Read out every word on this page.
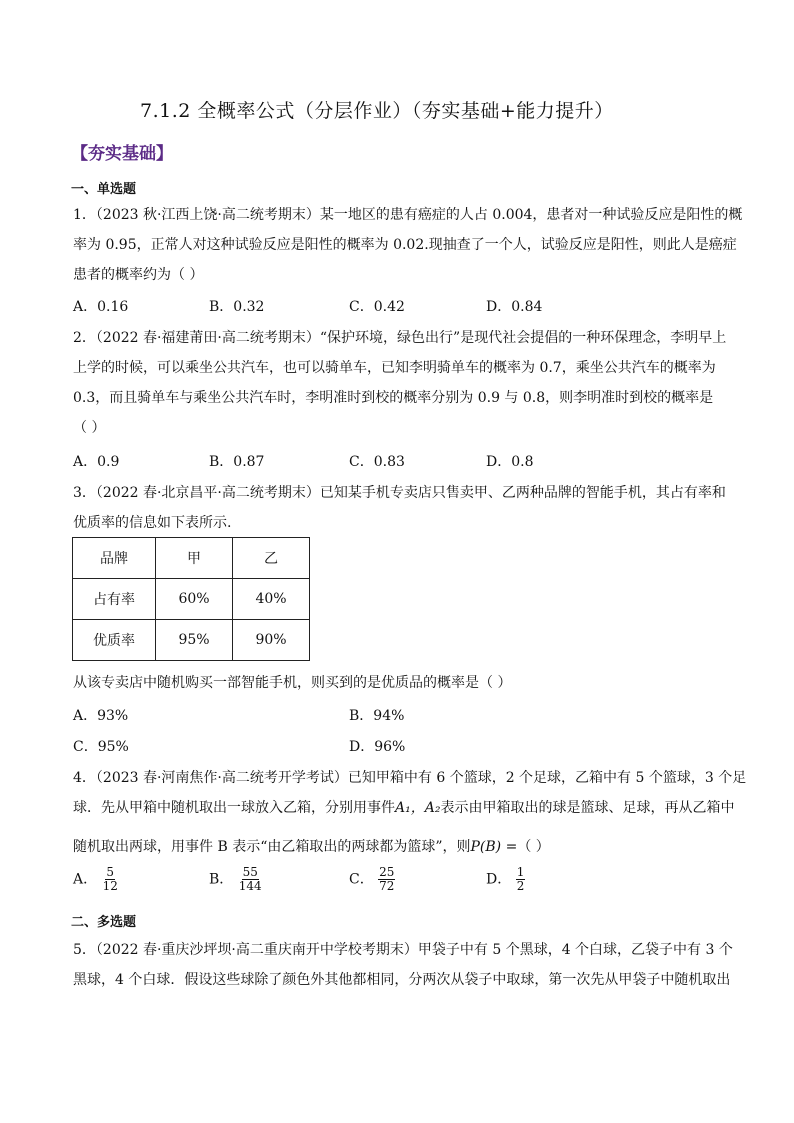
7.1.2 全概率公式（分层作业）（夯实基础+能力提升）
【夯实基础】
一、单选题
1．（2023 秋·江西上饶·高二统考期末）某一地区的患有癌症的人占 0.004，患者对一种试验反应是阳性的概
率为 0.95，正常人对这种试验反应是阳性的概率为 0.02.现抽查了一个人，试验反应是阳性，则此人是癌症
患者的概率约为（ ）
A．0.16	B．0.32	C．0.42	D．0.84
2．（2022 春·福建莆田·高二统考期末）“保护环境，绿色出行”是现代社会提倡的一种环保理念，李明早上
上学的时候，可以乘坐公共汽车，也可以骑单车，已知李明骑单车的概率为 0.7，乘坐公共汽车的概率为
0.3，而且骑单车与乘坐公共汽车时，李明准时到校的概率分别为 0.9 与 0.8，则李明准时到校的概率是
（ ）
A．0.9	B．0.87	C．0.83	D．0.8
3．（2022 春·北京昌平·高二统考期末）已知某手机专卖店只售卖甲、乙两种品牌的智能手机，其占有率和
优质率的信息如下表所示.
品牌	甲	乙
占有率	60%	40%
优质率	95%	90%
从该专卖店中随机购买一部智能手机，则买到的是优质品的概率是（ ）
A．93%	B．94%
C．95%	D．96%
4．（2023 春·河南焦作·高二统考开学考试）已知甲箱中有 6 个篮球，2 个足球，乙箱中有 5 个篮球，3 个足
球．先从甲箱中随机取出一球放入乙箱，分别用事件A₁，A₂表示由甲箱取出的球是篮球、足球，再从乙箱中
随机取出两球，用事件 B 表示“由乙箱取出的两球都为篮球”，则P(B) =（ ）
A． $\frac{5}{12}$	B． $\frac{55}{144}$	C． $\frac{25}{72}$	D． $\frac{1}{2}$
二、多选题
5．（2022 春·重庆沙坪坝·高二重庆南开中学校考期末）甲袋子中有 5 个黑球，4 个白球，乙袋子中有 3 个
黑球，4 个白球．假设这些球除了颜色外其他都相同，分两次从袋子中取球，第一次先从甲袋子中随机取出
